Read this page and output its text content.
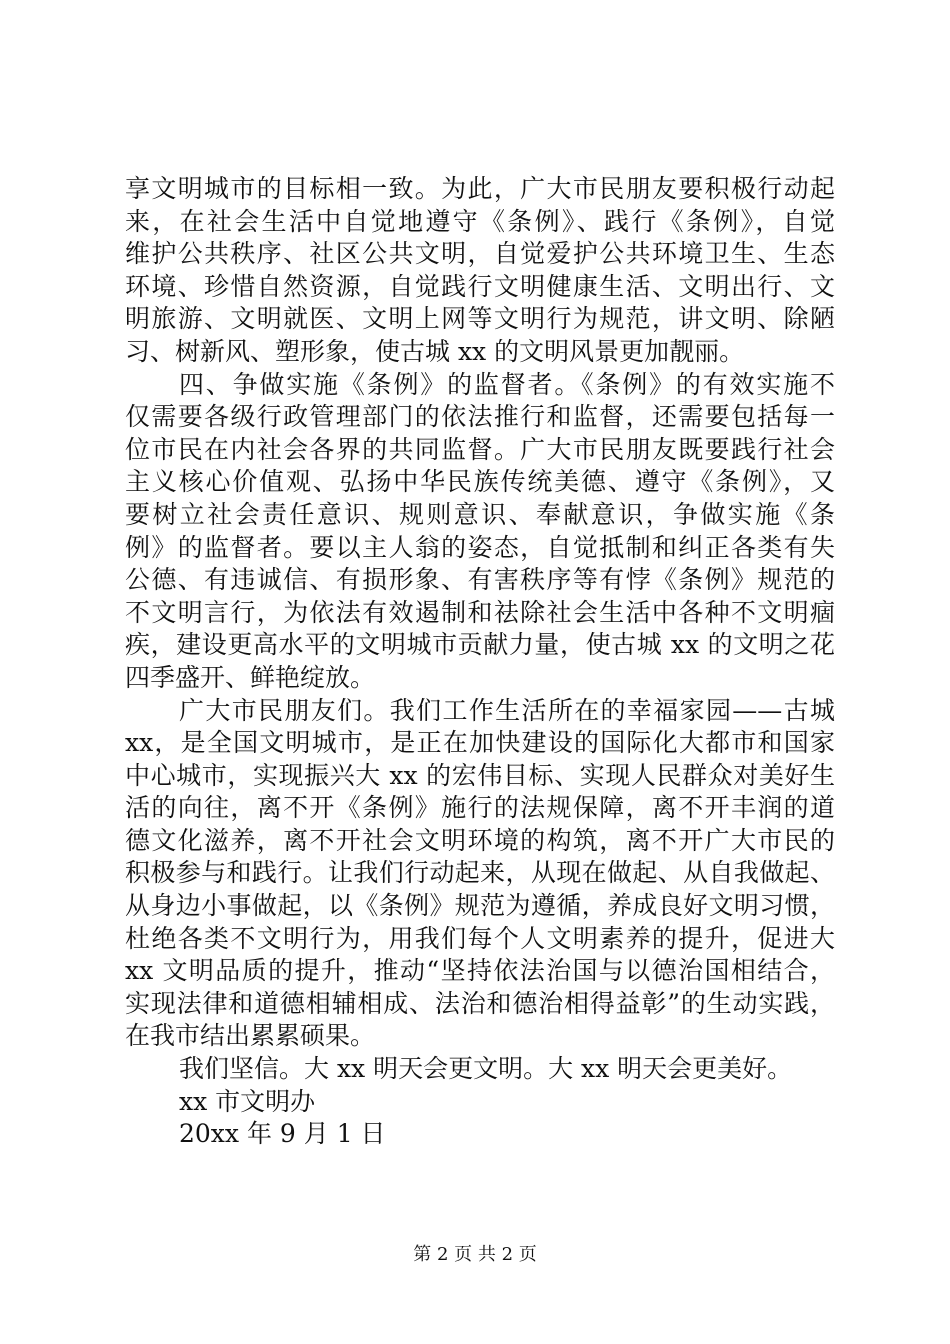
享文明城市的目标相一致。为此，广大市民朋友要积极行动起
来，在社会生活中自觉地遵守《条例》、践行《条例》，自觉
维护公共秩序、社区公共文明，自觉爱护公共环境卫生、生态
环境、珍惜自然资源，自觉践行文明健康生活、文明出行、文
明旅游、文明就医、文明上网等文明行为规范，讲文明、除陋
习、树新风、塑形象，使古城 xx 的文明风景更加靓丽。
四、争做实施《条例》的监督者。《条例》的有效实施不
仅需要各级行政管理部门的依法推行和监督，还需要包括每一
位市民在内社会各界的共同监督。广大市民朋友既要践行社会
主义核心价值观、弘扬中华民族传统美德、遵守《条例》，又
要树立社会责任意识、规则意识、奉献意识，争做实施《条
例》的监督者。要以主人翁的姿态，自觉抵制和纠正各类有失
公德、有违诚信、有损形象、有害秩序等有悖《条例》规范的
不文明言行，为依法有效遏制和祛除社会生活中各种不文明痼
疾，建设更高水平的文明城市贡献力量，使古城 xx 的文明之花
四季盛开、鲜艳绽放。
广大市民朋友们。我们工作生活所在的幸福家园——古城
xx，是全国文明城市，是正在加快建设的国际化大都市和国家
中心城市，实现振兴大 xx 的宏伟目标、实现人民群众对美好生
活的向往，离不开《条例》施行的法规保障，离不开丰润的道
德文化滋养，离不开社会文明环境的构筑，离不开广大市民的
积极参与和践行。让我们行动起来，从现在做起、从自我做起、
从身边小事做起，以《条例》规范为遵循，养成良好文明习惯，
杜绝各类不文明行为，用我们每个人文明素养的提升，促进大
xx 文明品质的提升，推动“坚持依法治国与以德治国相结合，
实现法律和道德相辅相成、法治和德治相得益彰”的生动实践，
在我市结出累累硕果。
我们坚信。大 xx 明天会更文明。大 xx 明天会更美好。
xx 市文明办
20xx 年 9 月 1 日
第 2 页 共 2 页
